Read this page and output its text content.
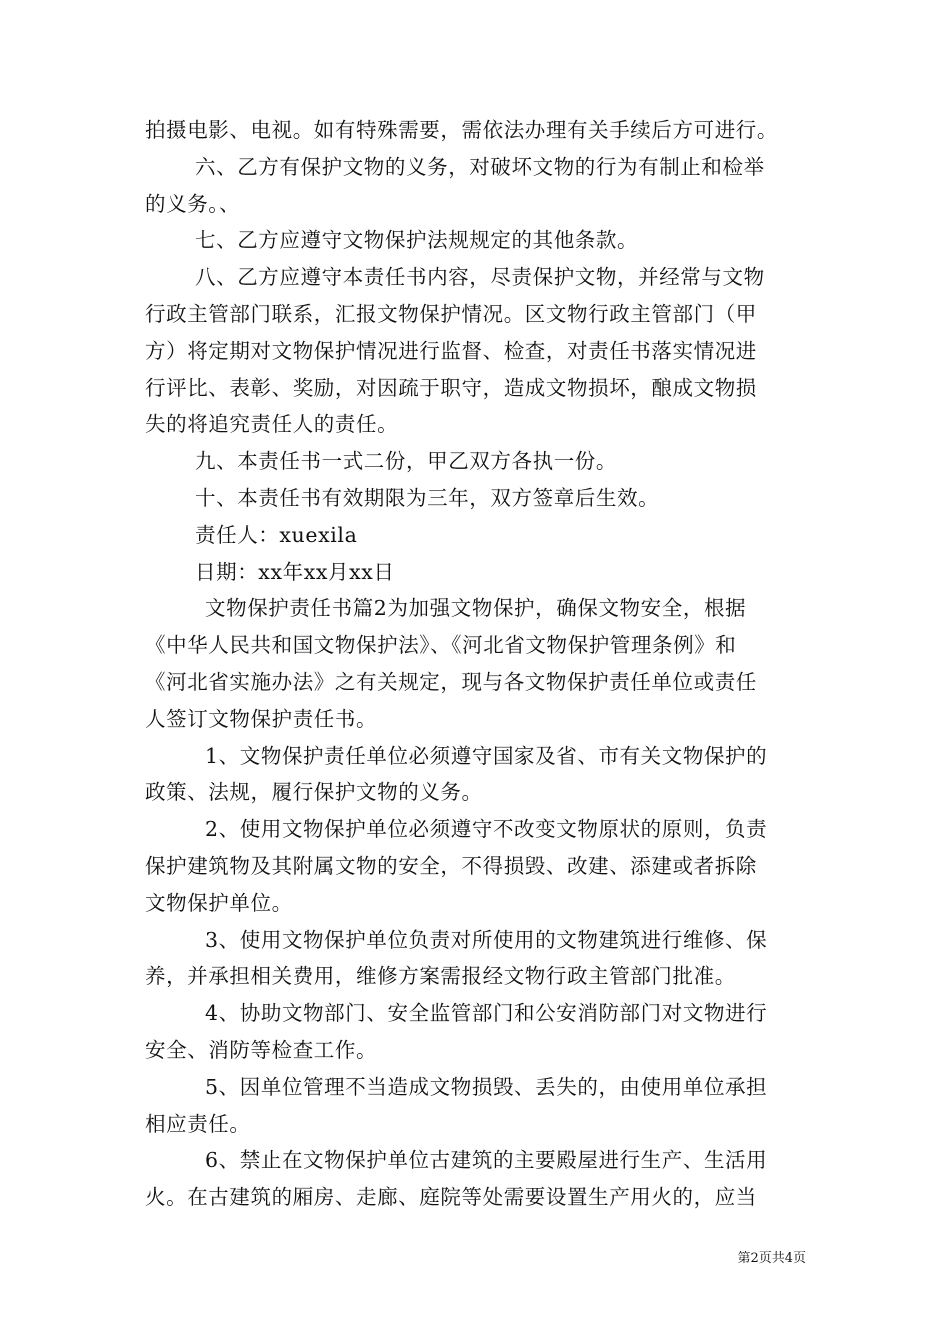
拍摄电影、电视。如有特殊需要，需依法办理有关手续后方可进行。
六、乙方有保护文物的义务，对破坏文物的行为有制止和检举
的义务。、
七、乙方应遵守文物保护法规规定的其他条款。
八、乙方应遵守本责任书内容，尽责保护文物，并经常与文物
行政主管部门联系，汇报文物保护情况。区文物行政主管部门（甲
方）将定期对文物保护情况进行监督、检查，对责任书落实情况进
行评比、表彰、奖励，对因疏于职守，造成文物损坏，酿成文物损
失的将追究责任人的责任。
九、本责任书一式二份，甲乙双方各执一份。
十、本责任书有效期限为三年，双方签章后生效。
责任人：xuexila
日期：xx年xx月xx日
文物保护责任书篇2为加强文物保护，确保文物安全，根据
《中华人民共和国文物保护法》、《河北省文物保护管理条例》和
《河北省实施办法》之有关规定，现与各文物保护责任单位或责任
人签订文物保护责任书。
1、文物保护责任单位必须遵守国家及省、市有关文物保护的
政策、法规，履行保护文物的义务。
2、使用文物保护单位必须遵守不改变文物原状的原则，负责
保护建筑物及其附属文物的安全，不得损毁、改建、添建或者拆除
文物保护单位。
3、使用文物保护单位负责对所使用的文物建筑进行维修、保
养，并承担相关费用，维修方案需报经文物行政主管部门批准。
4、协助文物部门、安全监管部门和公安消防部门对文物进行
安全、消防等检查工作。
5、因单位管理不当造成文物损毁、丢失的，由使用单位承担
相应责任。
6、禁止在文物保护单位古建筑的主要殿屋进行生产、生活用
火。在古建筑的厢房、走廊、庭院等处需要设置生产用火的，应当
第2页共4页
